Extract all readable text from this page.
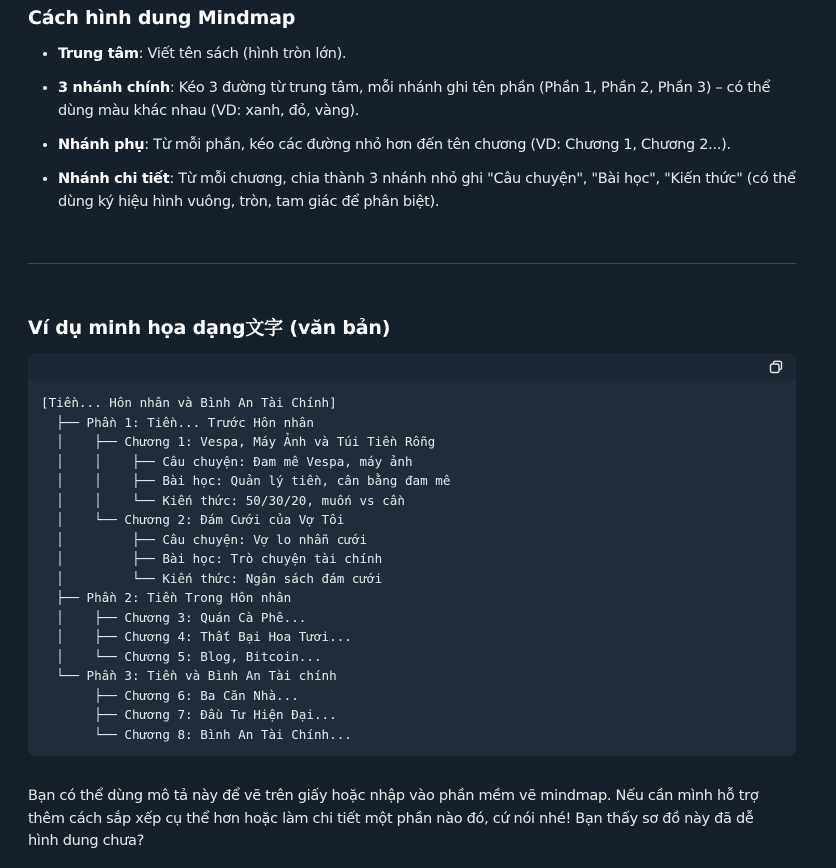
Cách hình dung Mindmap
• Trung tâm: Viết tên sách (hình tròn lớn).
• 3 nhánh chính: Kéo 3 đường từ trung tâm, mỗi nhánh ghi tên phần (Phần 1, Phần 2, Phần 3) – có thể dùng màu khác nhau (VD: xanh, đỏ, vàng).
• Nhánh phụ: Từ mỗi phần, kéo các đường nhỏ hơn đến tên chương (VD: Chương 1, Chương 2...).
• Nhánh chi tiết: Từ mỗi chương, chia thành 3 nhánh nhỏ ghi "Câu chuyện", "Bài học", "Kiến thức" (có thể dùng ký hiệu hình vuông, tròn, tam giác để phân biệt).
Ví dụ minh họa dạng文字 (văn bản)
[Tiền... Hôn nhân và Bình An Tài Chính]
├── Phần 1: Tiền... Trước Hôn nhân
│    ├── Chương 1: Vespa, Máy Ảnh và Túi Tiền Rỗng
│    │    ├── Câu chuyện: Đam mê Vespa, máy ảnh
│    │    ├── Bài học: Quản lý tiền, cân bằng đam mê
│    │    └── Kiến thức: 50/30/20, muốn vs cần
│    └── Chương 2: Đám Cưới của Vợ Tôi
│         ├── Câu chuyện: Vợ lo nhẫn cưới
│         ├── Bài học: Trò chuyện tài chính
│         └── Kiến thức: Ngân sách đám cưới
├── Phần 2: Tiền Trong Hôn nhân
│    ├── Chương 3: Quán Cà Phê...
│    ├── Chương 4: Thất Bại Hoa Tươi...
│    └── Chương 5: Blog, Bitcoin...
└── Phần 3: Tiền và Bình An Tài chính
├── Chương 6: Ba Căn Nhà...
├── Chương 7: Đầu Tư Hiện Đại...
└── Chương 8: Bình An Tài Chính...

Bạn có thể dùng mô tả này để vẽ trên giấy hoặc nhập vào phần mềm vẽ mindmap. Nếu cần mình hỗ trợ thêm cách sắp xếp cụ thể hơn hoặc làm chi tiết một phần nào đó, cứ nói nhé! Bạn thấy sơ đồ này đã dễ hình dung chưa?
